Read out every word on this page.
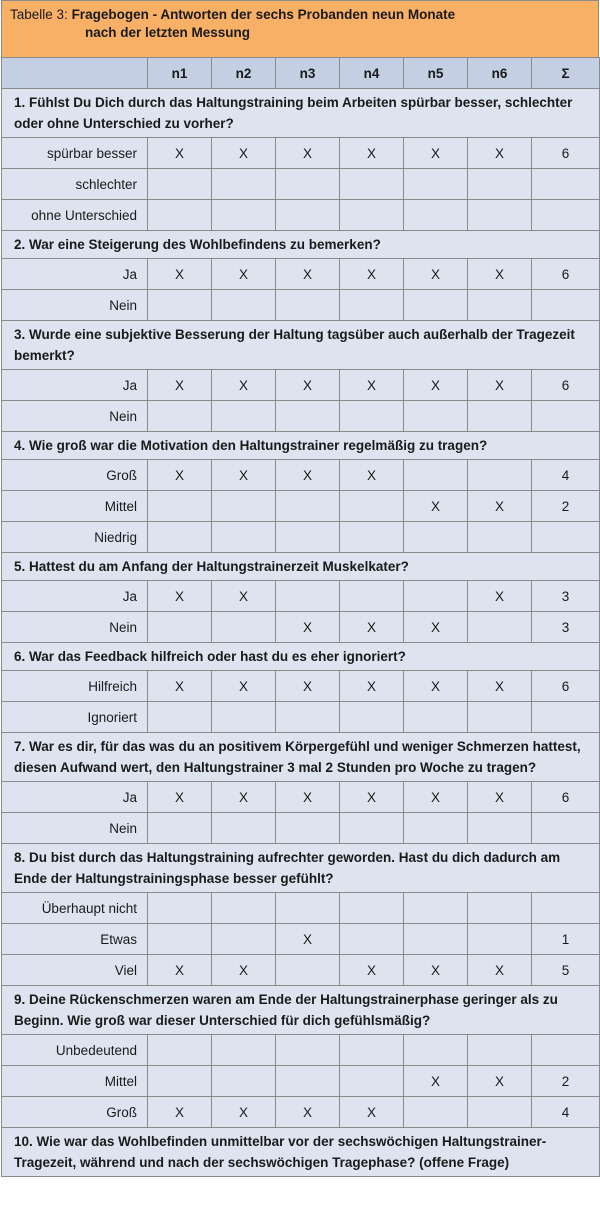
Tabelle 3: Fragebogen - Antworten der sechs Probanden neun Monate

nach der letzten Messung
	n1	n2	n3	n4	n5	n6	Σ
1. Fühlst Du Dich durch das Haltungstraining beim Arbeiten spürbar besser, schlechter oder ohne Unterschied zu vorher?							
spürbar besser	X	X	X	X	X	X	6
schlechter							
ohne Unterschied							
2. War eine Steigerung des Wohlbefindens zu bemerken?							
Ja	X	X	X	X	X	X	6
Nein							
3. Wurde eine subjektive Besserung der Haltung tagsüber auch außerhalb der Tragezeit bemerkt?							
Ja	X	X	X	X	X	X	6
Nein							
4. Wie groß war die Motivation den Haltungstrainer regelmäßig zu tragen?							
Groß	X	X	X	X			4
Mittel					X	X	2
Niedrig							
5. Hattest du am Anfang der Haltungstrainerzeit Muskelkater?							
Ja	X	X				X	3
Nein			X	X	X		3
6. War das Feedback hilfreich oder hast du es eher ignoriert?							
Hilfreich	X	X	X	X	X	X	6
Ignoriert							
7. War es dir, für das was du an positivem Körpergefühl und weniger Schmerzen hattest, diesen Aufwand wert, den Haltungstrainer 3 mal 2 Stunden pro Woche zu tragen?							
Ja	X	X	X	X	X	X	6
Nein							
8. Du bist durch das Haltungstraining aufrechter geworden. Hast du dich dadurch am Ende der Haltungstrainingsphase besser gefühlt?							
Überhaupt nicht							
Etwas			X				1
Viel	X	X		X	X	X	5
9. Deine Rückenschmerzen waren am Ende der Haltungstrainerphase geringer als zu Beginn. Wie groß war dieser Unterschied für dich gefühlsmäßig?							
Unbedeutend							
Mittel					X	X	2
Groß	X	X	X	X			4
10. Wie war das Wohlbefinden unmittelbar vor der sechswöchigen Haltungstrainer-Tragezeit, während und nach der sechswöchigen Tragephase? (offene Frage)							
